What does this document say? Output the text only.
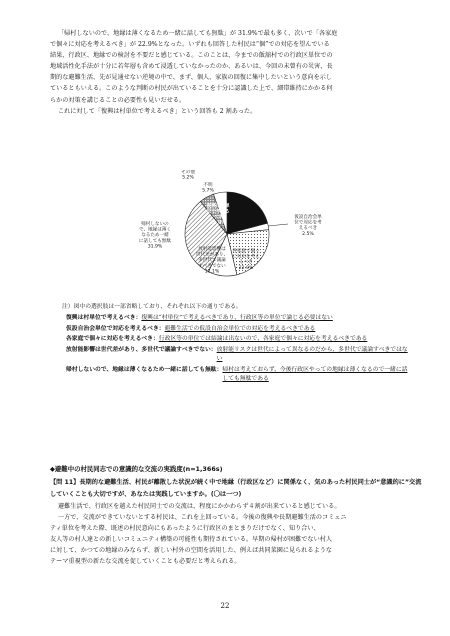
「帰村しないので、地縁は薄くなるため一緒に話しても無駄」が 31.9%で最も多く、次いで「各家庭
で個々に対応を考えるべき」が 22.9%となった。いずれも回答した村民は“個”での対応を望んでいる
結果、行政区、地縁での検討を不要だと感じている。このことは、今までの飯舘村での行政区単位での
地域活性化手法が十分に若年層も含めて浸透していなかったのか、あるいは、今回の未曾有の災害、長
期的な避難生活、先が見通せない逆境の中で、まず、個人、家族の回復に集中したいという意向を示し
ているともいえる。このような判断の村民が出ていることを十分に認識した上で、細帯維持にかかる何
らかの対策を講じることの必要性も見いだせる。
これに対して「復興は村単位で考えるべき」という回答も 2 割あった。
復興は村単位で考えるべき 20.9%
仮設自治会単位で対応を考えるべき 2.5%
各家庭で個々に対応を考えるべき 22.9%
放射能影響は世代差があり、多世代で議論すべきでない 11.1%
帰村しないので、地縁は薄くなるため一緒に話しても無駄 31.9%
不明 5.7%
その他 5.2%
注）図中の選択肢は一部省略しており、それぞれ以下の通りである。
復興は村単位で考えるべき： 復興は“村単位”で考えるべきであり、行政区等の単位で論じる必要はない
仮設自治会単位で対応を考えるべき： 避難生活での仮設自治会単位での対応を考えるべきである
各家庭で個々に対応を考えるべき： 行政区等の単位では結論は出ないので、各家庭で個々に対応を考えるべきである
放射能影響は世代差があり、多世代で議論すべきでない： 放射能リスクは世代によって異なるのだから、多世代で議論すべきではない
帰村しないので、地縁は薄くなるため一緒に話しても無駄： 帰村は考えておらず、今後行政区やっての地縁は薄くなるので一緒に話しても無駄である
◆避難中の村民同志での意識的な交流の実践度(n=1,366s)
【問 11】長期的な避難生活、村民が離散した状況が続く中で地縁（行政区など）に関係なく、気のあった村民同士が“意識的に”交流していくことも大切ですが、あなたは実践していますか。(〇は一つ)
避難生活で、行政区を越えた村民同士での交流は、程度にかかわらず４割が出来ていると感じている。
一方で、交流ができていないとする村民は、これを上回っている。今後の復興や長期避難生活のコミュニ
ティ単位を考えた際、既述の村民意向にもあったように行政区のまとまりだけでなく、知り合い、
友人等の村人達との新しいコミュニティ構築の可能性も期待されている。早期の帰村が困難でない村人
に対して、かつての地縁のみならず、新しい村外の空間を活用した、例えば共同菜園に見られるような
テーマ重視型の新たな交流を促していくことも必要だと考えられる。
22
